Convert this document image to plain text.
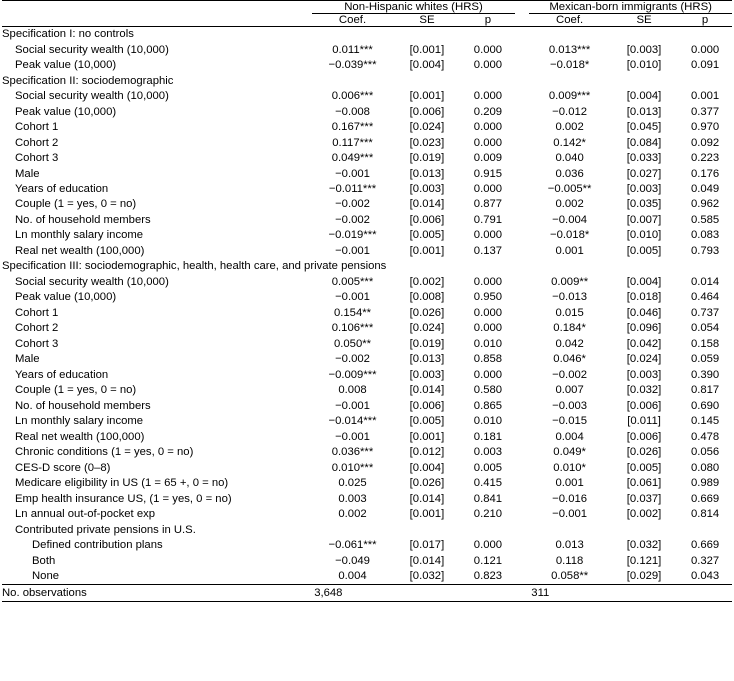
	Non-Hispanic whites (HRS)				Mexican-born immigrants (HRS)		
	Coef.	SE	p		Coef.	SE	p

Specification I: no controls							
Social security wealth (10,000)	0.011***	[0.001]	0.000		0.013***	[0.003]	0.000
Peak value (10,000)	−0.039***	[0.004]	0.000		−0.018*	[0.010]	0.091
Specification II: sociodemographic							
Social security wealth (10,000)	0.006***	[0.001]	0.000		0.009***	[0.004]	0.001
Peak value (10,000)	−0.008	[0.006]	0.209		−0.012	[0.013]	0.377
Cohort 1	0.167***	[0.024]	0.000		0.002	[0.045]	0.970
Cohort 2	0.117***	[0.023]	0.000		0.142*	[0.084]	0.092
Cohort 3	0.049***	[0.019]	0.009		0.040	[0.033]	0.223
Male	−0.001	[0.013]	0.915		0.036	[0.027]	0.176
Years of education	−0.011***	[0.003]	0.000		−0.005**	[0.003]	0.049
Couple (1 = yes, 0 = no)	−0.002	[0.014]	0.877		0.002	[0.035]	0.962
No. of household members	−0.002	[0.006]	0.791		−0.004	[0.007]	0.585
Ln monthly salary income	−0.019***	[0.005]	0.000		−0.018*	[0.010]	0.083
Real net wealth (100,000)	−0.001	[0.001]	0.137		0.001	[0.005]	0.793
Specification III: sociodemographic, health, health care, and private pensions							
Social security wealth (10,000)	0.005***	[0.002]	0.000		0.009**	[0.004]	0.014
Peak value (10,000)	−0.001	[0.008]	0.950		−0.013	[0.018]	0.464
Cohort 1	0.154**	[0.026]	0.000		0.015	[0.046]	0.737
Cohort 2	0.106***	[0.024]	0.000		0.184*	[0.096]	0.054
Cohort 3	0.050**	[0.019]	0.010		0.042	[0.042]	0.158
Male	−0.002	[0.013]	0.858		0.046*	[0.024]	0.059
Years of education	−0.009***	[0.003]	0.000		−0.002	[0.003]	0.390
Couple (1 = yes, 0 = no)	0.008	[0.014]	0.580		0.007	[0.032]	0.817
No. of household members	−0.001	[0.006]	0.865		−0.003	[0.006]	0.690
Ln monthly salary income	−0.014***	[0.005]	0.010		−0.015	[0.011]	0.145
Real net wealth (100,000)	−0.001	[0.001]	0.181		0.004	[0.006]	0.478
Chronic conditions (1 = yes, 0 = no)	0.036***	[0.012]	0.003		0.049*	[0.026]	0.056
CES-D score (0–8)	0.010***	[0.004]	0.005		0.010*	[0.005]	0.080
Medicare eligibility in US (1 = 65 +, 0 = no)	0.025	[0.026]	0.415		0.001	[0.061]	0.989
Emp health insurance US, (1 = yes, 0 = no)	0.003	[0.014]	0.841		−0.016	[0.037]	0.669
Ln annual out-of-pocket exp	0.002	[0.001]	0.210		−0.001	[0.002]	0.814
Contributed private pensions in U.S.							
Defined contribution plans	−0.061***	[0.017]	0.000		0.013	[0.032]	0.669
Both	−0.049	[0.014]	0.121		0.118	[0.121]	0.327
None	0.004	[0.032]	0.823		0.058**	[0.029]	0.043

No. observations	3,648				311		
